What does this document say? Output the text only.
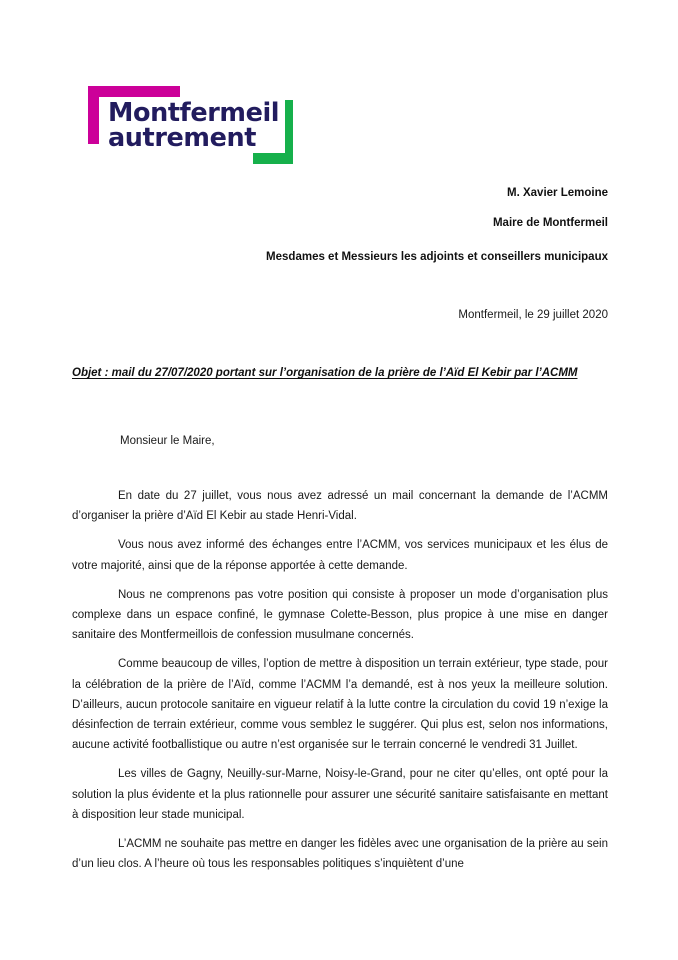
Montfermeil
autrement
M. Xavier Lemoine
Maire de Montfermeil
Mesdames et Messieurs les adjoints et conseillers municipaux
Montfermeil, le 29 juillet 2020
Objet : mail du 27/07/2020 portant sur l’organisation de la prière de l’Aïd El Kebir par l’ACMM
Monsieur le Maire,

En date du 27 juillet, vous nous avez adressé un mail concernant la demande de l’ACMM d’organiser la prière d’Aïd El Kebir au stade Henri-Vidal.

Vous nous avez informé des échanges entre l’ACMM, vos services municipaux et les élus de votre majorité, ainsi que de la réponse apportée à cette demande.

Nous ne comprenons pas votre position qui consiste à proposer un mode d’organisation plus complexe dans un espace confiné, le gymnase Colette-Besson, plus propice à une mise en danger sanitaire des Montfermeillois de confession musulmane concernés.

Comme beaucoup de villes, l’option de mettre à disposition un terrain extérieur, type stade, pour la célébration de la prière de l’Aïd, comme l’ACMM l’a demandé, est à nos yeux la meilleure solution. D’ailleurs, aucun protocole sanitaire en vigueur relatif à la lutte contre la circulation du covid 19 n’exige la désinfection de terrain extérieur, comme vous semblez le suggérer. Qui plus est, selon nos informations, aucune activité footballistique ou autre n’est organisée sur le terrain concerné le vendredi 31 Juillet.

Les villes de Gagny, Neuilly-sur-Marne, Noisy-le-Grand, pour ne citer qu’elles, ont opté pour la solution la plus évidente et la plus rationnelle pour assurer une sécurité sanitaire satisfaisante en mettant à disposition leur stade municipal.

L’ACMM ne souhaite pas mettre en danger les fidèles avec une organisation de la prière au sein d’un lieu clos. A l’heure où tous les responsables politiques s’inquiètent d’une
